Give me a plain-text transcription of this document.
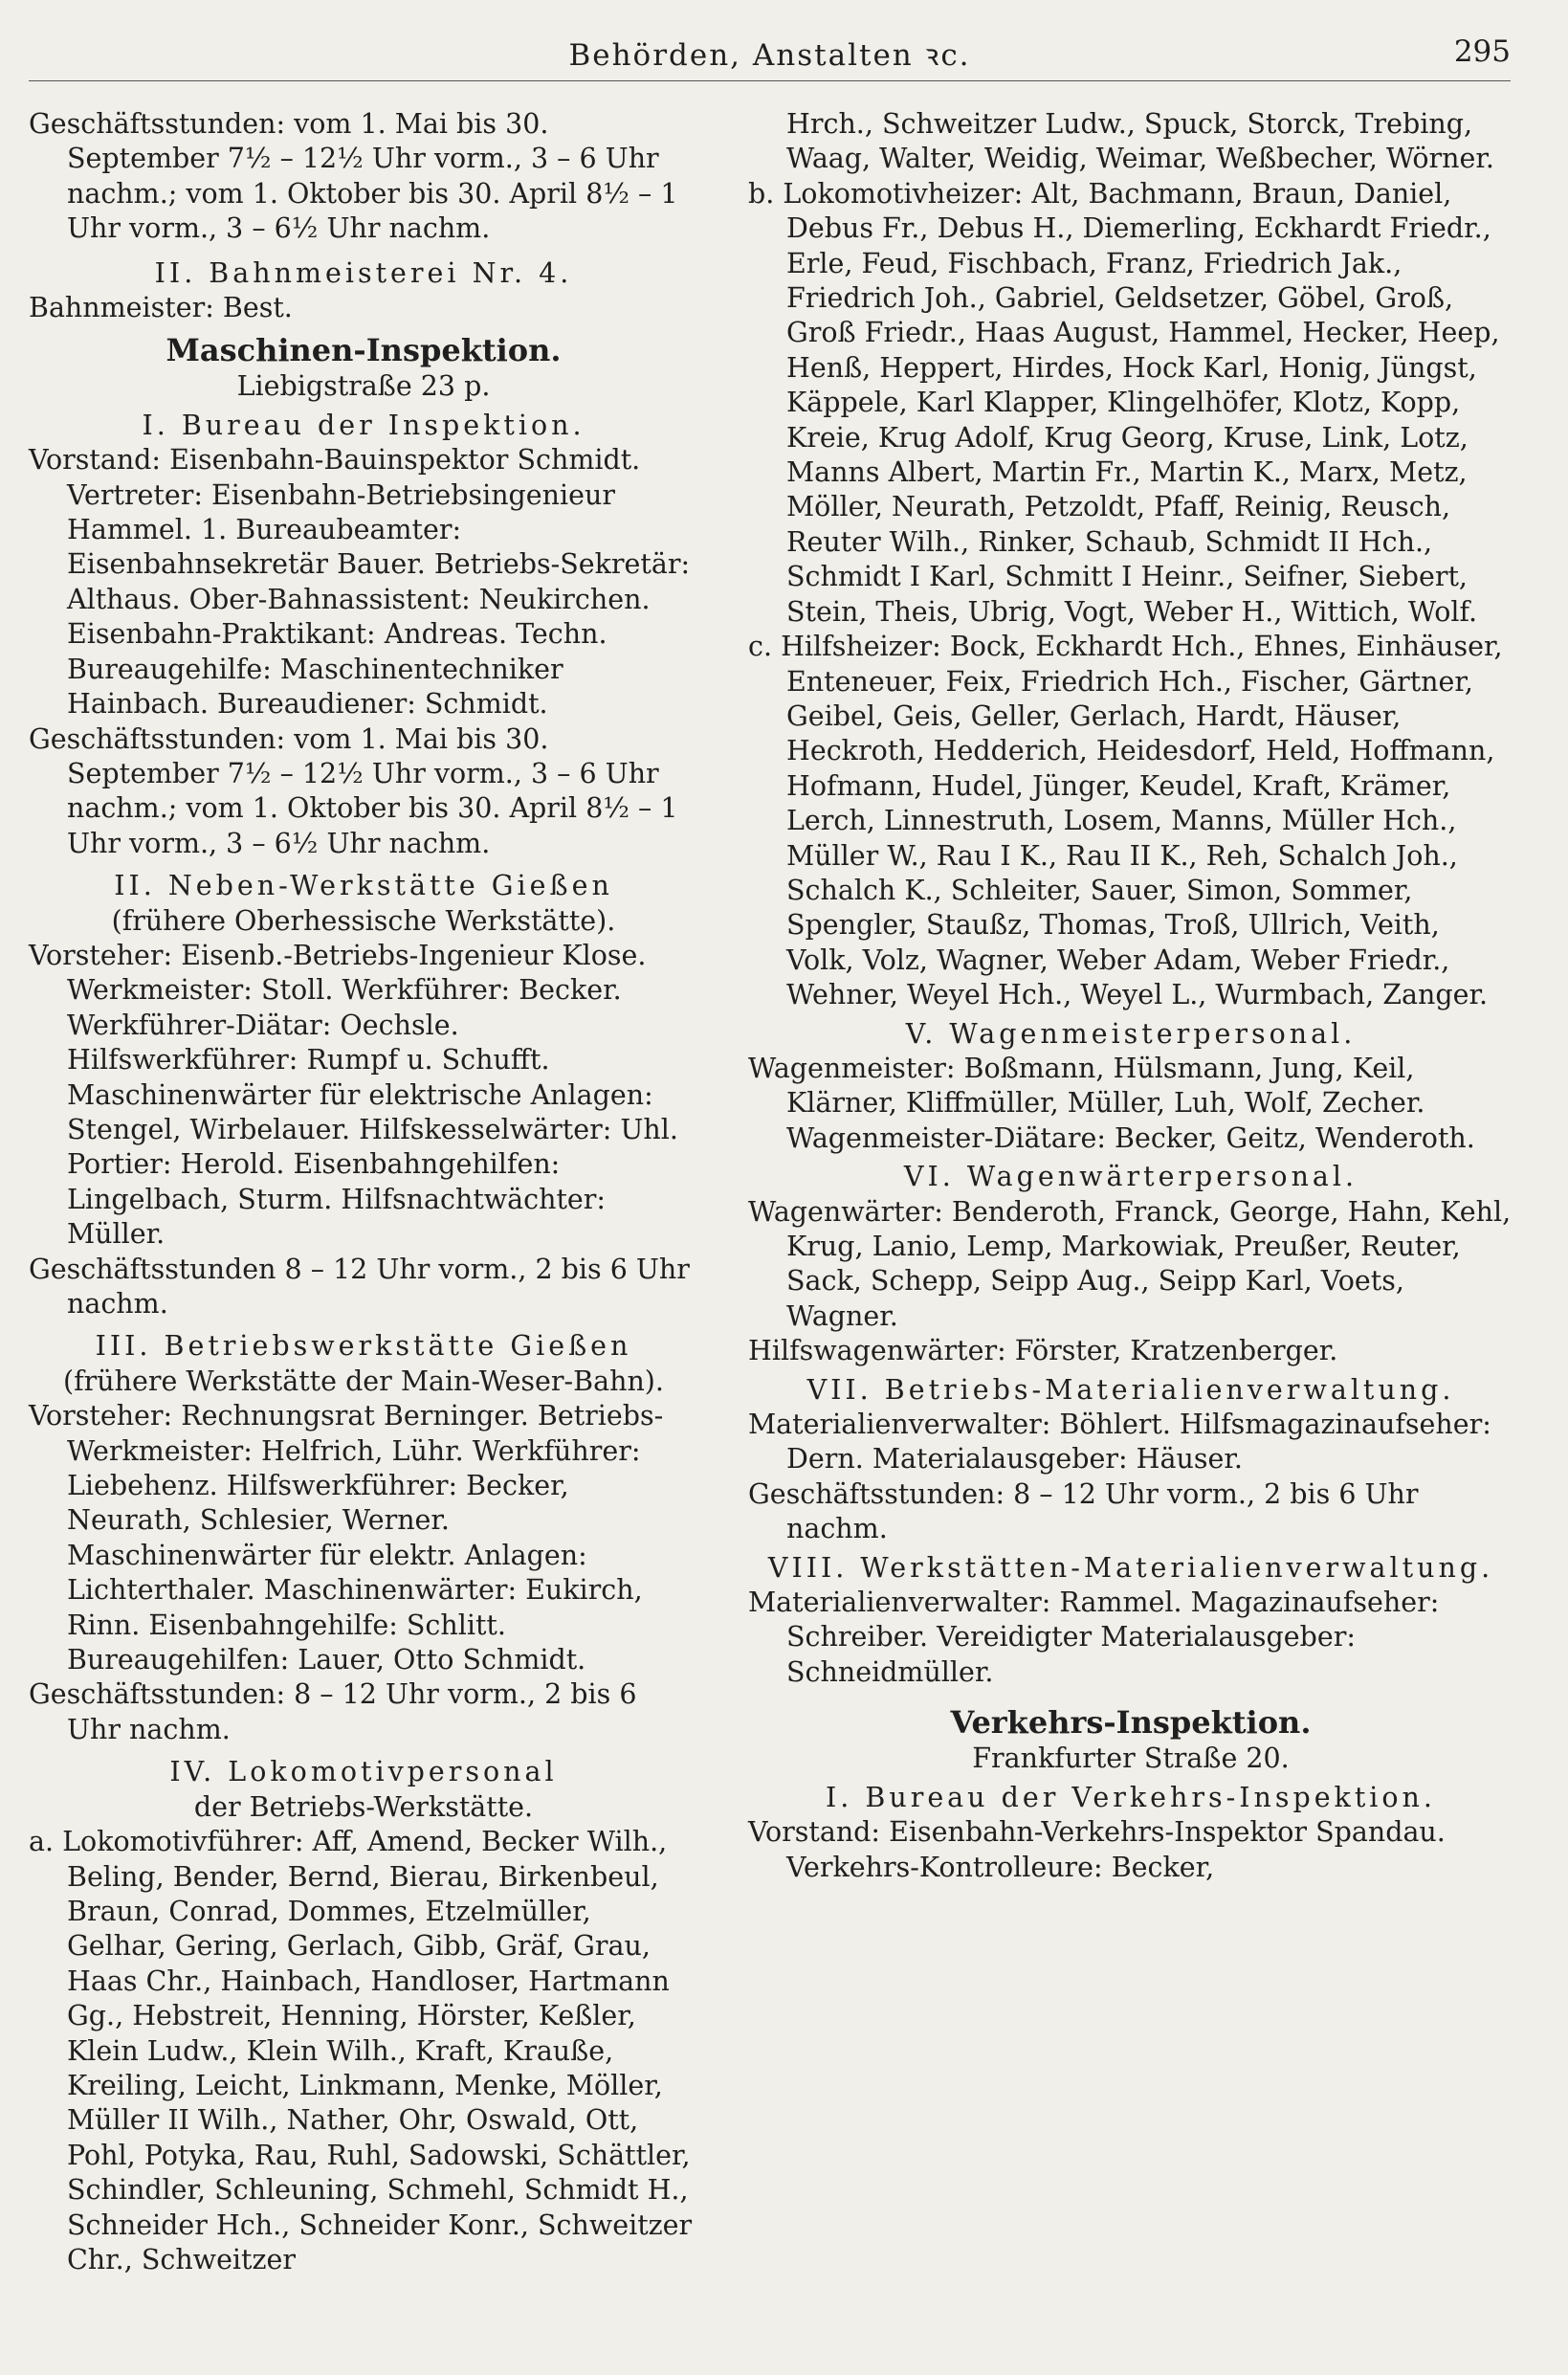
Behörden, Anstalten ꝛc.	295

Geschäftsstunden: vom 1. Mai bis 30. September 7½ – 12½ Uhr vorm., 3 – 6 Uhr nachm.; vom 1. Oktober bis 30. April 8½ – 1 Uhr vorm., 3 – 6½ Uhr nachm.

II. Bahnmeisterei Nr. 4.

Bahnmeister: Best.

Maschinen-Inspektion.

Liebigstraße 23 p.

I. Bureau der Inspektion.

Vorstand: Eisenbahn-Bauinspektor Schmidt. Vertreter: Eisenbahn-Betriebsingenieur Hammel. 1. Bureaubeamter: Eisenbahnsekretär Bauer. Betriebs-Sekretär: Althaus. Ober-Bahnassistent: Neukirchen. Eisenbahn-Praktikant: Andreas. Techn. Bureaugehilfe: Maschinentechniker Hainbach. Bureaudiener: Schmidt.

Geschäftsstunden: vom 1. Mai bis 30. September 7½ – 12½ Uhr vorm., 3 – 6 Uhr nachm.; vom 1. Oktober bis 30. April 8½ – 1 Uhr vorm., 3 – 6½ Uhr nachm.

II. Neben-Werkstätte Gießen

(frühere Oberhessische Werkstätte).

Vorsteher: Eisenb.-Betriebs-Ingenieur Klose. Werkmeister: Stoll. Werkführer: Becker. Werkführer-Diätar: Oechsle. Hilfswerkführer: Rumpf u. Schufft. Maschinenwärter für elektrische Anlagen: Stengel, Wirbelauer. Hilfskesselwärter: Uhl. Portier: Herold. Eisenbahngehilfen: Lingelbach, Sturm. Hilfsnachtwächter: Müller.

Geschäftsstunden 8 – 12 Uhr vorm., 2 bis 6 Uhr nachm.

III. Betriebswerkstätte Gießen

(frühere Werkstätte der Main-Weser-Bahn).

Vorsteher: Rechnungsrat Berninger. Betriebs-Werkmeister: Helfrich, Lühr. Werkführer: Liebehenz. Hilfswerkführer: Becker, Neurath, Schlesier, Werner. Maschinenwärter für elektr. Anlagen: Lichterthaler. Maschinenwärter: Eukirch, Rinn. Eisenbahngehilfe: Schlitt. Bureaugehilfen: Lauer, Otto Schmidt.

Geschäftsstunden: 8 – 12 Uhr vorm., 2 bis 6 Uhr nachm.

IV. Lokomotivpersonal

der Betriebs-Werkstätte.

a. Lokomotivführer: Aff, Amend, Becker Wilh., Beling, Bender, Bernd, Bierau, Birkenbeul, Braun, Conrad, Dommes, Etzelmüller, Gelhar, Gering, Gerlach, Gibb, Gräf, Grau, Haas Chr., Hainbach, Handloser, Hartmann Gg., Hebstreit, Henning, Hörster, Keßler, Klein Ludw., Klein Wilh., Kraft, Krauße, Kreiling, Leicht, Linkmann, Menke, Möller, Müller II Wilh., Nather, Ohr, Oswald, Ott, Pohl, Potyka, Rau, Ruhl, Sadowski, Schättler, Schindler, Schleuning, Schmehl, Schmidt H., Schneider Hch., Schneider Konr., Schweitzer Chr., Schweitzer

Hrch., Schweitzer Ludw., Spuck, Storck, Trebing, Waag, Walter, Weidig, Weimar, Weßbecher, Wörner.

b. Lokomotivheizer: Alt, Bachmann, Braun, Daniel, Debus Fr., Debus H., Diemerling, Eckhardt Friedr., Erle, Feud, Fischbach, Franz, Friedrich Jak., Friedrich Joh., Gabriel, Geldsetzer, Göbel, Groß, Groß Friedr., Haas August, Hammel, Hecker, Heep, Henß, Heppert, Hirdes, Hock Karl, Honig, Jüngst, Käppele, Karl Klapper, Klingelhöfer, Klotz, Kopp, Kreie, Krug Adolf, Krug Georg, Kruse, Link, Lotz, Manns Albert, Martin Fr., Martin K., Marx, Metz, Möller, Neurath, Petzoldt, Pfaff, Reinig, Reusch, Reuter Wilh., Rinker, Schaub, Schmidt II Hch., Schmidt I Karl, Schmitt I Heinr., Seifner, Siebert, Stein, Theis, Ubrig, Vogt, Weber H., Wittich, Wolf.

c. Hilfsheizer: Bock, Eckhardt Hch., Ehnes, Einhäuser, Enteneuer, Feix, Friedrich Hch., Fischer, Gärtner, Geibel, Geis, Geller, Gerlach, Hardt, Häuser, Heckroth, Hedderich, Heidesdorf, Held, Hoffmann, Hofmann, Hudel, Jünger, Keudel, Kraft, Krämer, Lerch, Linnestruth, Losem, Manns, Müller Hch., Müller W., Rau I K., Rau II K., Reh, Schalch Joh., Schalch K., Schleiter, Sauer, Simon, Sommer, Spengler, Staußz, Thomas, Troß, Ullrich, Veith, Volk, Volz, Wagner, Weber Adam, Weber Friedr., Wehner, Weyel Hch., Weyel L., Wurmbach, Zanger.

V. Wagenmeisterpersonal.

Wagenmeister: Boßmann, Hülsmann, Jung, Keil, Klärner, Kliffmüller, Müller, Luh, Wolf, Zecher. Wagenmeister-Diätare: Becker, Geitz, Wenderoth.

VI. Wagenwärterpersonal.

Wagenwärter: Benderoth, Franck, George, Hahn, Kehl, Krug, Lanio, Lemp, Markowiak, Preußer, Reuter, Sack, Schepp, Seipp Aug., Seipp Karl, Voets, Wagner.

Hilfswagenwärter: Förster, Kratzenberger.

VII. Betriebs-Materialienverwaltung.

Materialienverwalter: Böhlert. Hilfsmagazinaufseher: Dern. Materialausgeber: Häuser.

Geschäftsstunden: 8 – 12 Uhr vorm., 2 bis 6 Uhr nachm.

VIII. Werkstätten-Materialienverwaltung.

Materialienverwalter: Rammel. Magazinaufseher: Schreiber. Vereidigter Materialausgeber: Schneidmüller.

Verkehrs-Inspektion.

Frankfurter Straße 20.

I. Bureau der Verkehrs-Inspektion.

Vorstand: Eisenbahn-Verkehrs-Inspektor Spandau. Verkehrs-Kontrolleure: Becker,
